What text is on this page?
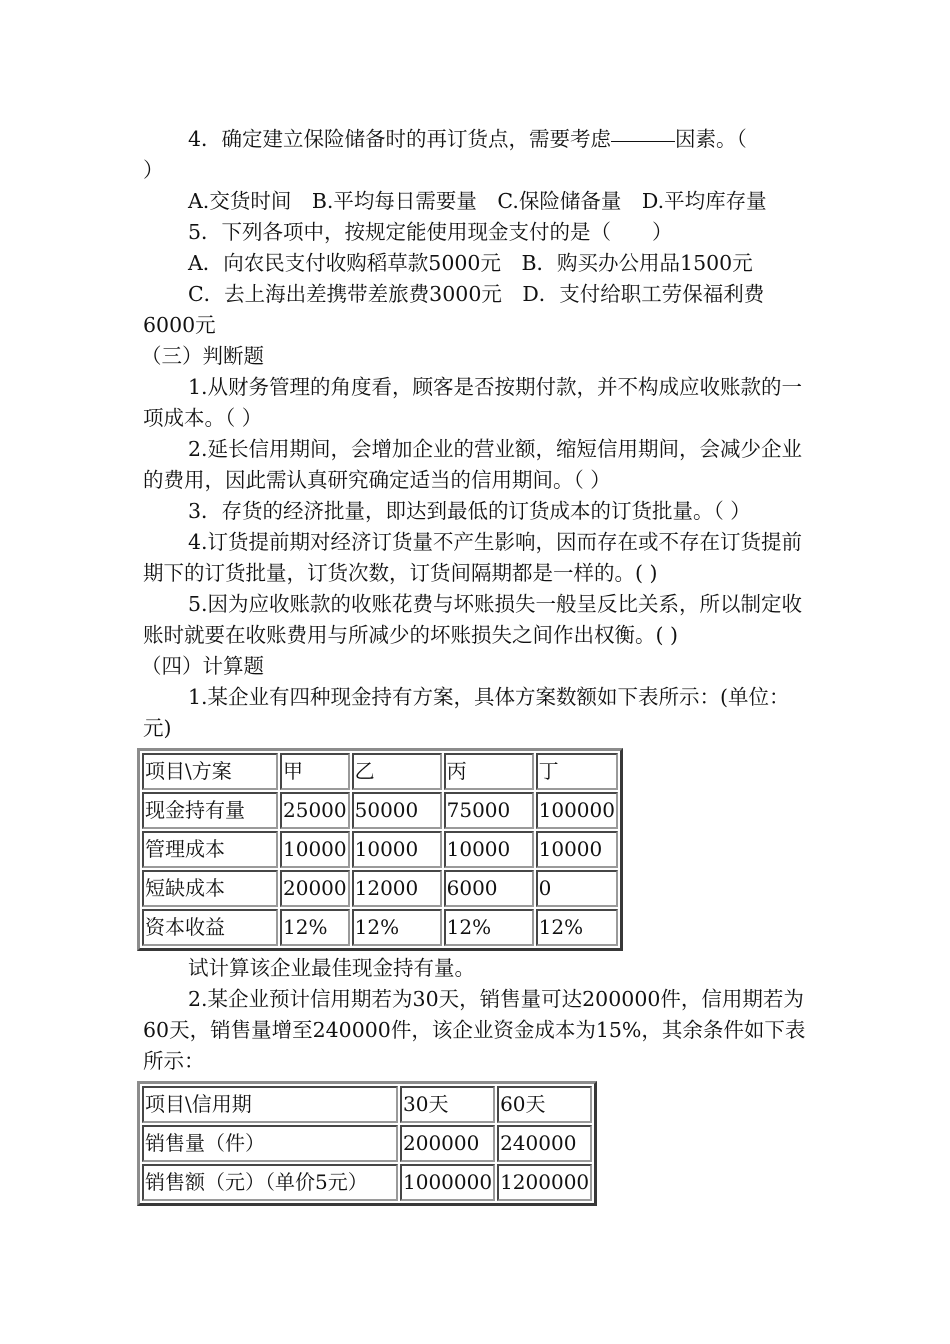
4．确定建立保险储备时的再订货点，需要考虑	因素。（
）

A.交货时间　B.平均每日需要量　C.保险储备量　D.平均库存量

5．下列各项中，按规定能使用现金支付的是（　　）

A．向农民支付收购稻草款5000元　B．购买办公用品1500元

C．去上海出差携带差旅费3000元　D．支付给职工劳保福利费6000元

（三）判断题

1.从财务管理的角度看，顾客是否按期付款，并不构成应收账款的一项成本。（ ）

2.延长信用期间，会增加企业的营业额，缩短信用期间，会减少企业的费用，因此需认真研究确定适当的信用期间。（ ）

3．存货的经济批量，即达到最低的订货成本的订货批量。（ ）

4.订货提前期对经济订货量不产生影响，因而存在或不存在订货提前期下的订货批量，订货次数，订货间隔期都是一样的。( )

5.因为应收账款的收账花费与坏账损失一般呈反比关系，所以制定收账时就要在收账费用与所减少的坏账损失之间作出权衡。( )

（四）计算题

1.某企业有四种现金持有方案，具体方案数额如下表所示：(单位：元)

项目\方案	甲	乙	丙	丁
现金持有量	25000	50000	75000	100000
管理成本	10000	10000	10000	10000
短缺成本	20000	12000	6000	0
资本收益	12%	12%	12%	12%

试计算该企业最佳现金持有量。

2.某企业预计信用期若为30天，销售量可达200000件，信用期若为60天，销售量增至240000件，该企业资金成本为15%，其余条件如下表所示：

项目\信用期	30天	60天
销售量（件）	200000	240000
销售额（元）（单价5元）	1000000	1200000
